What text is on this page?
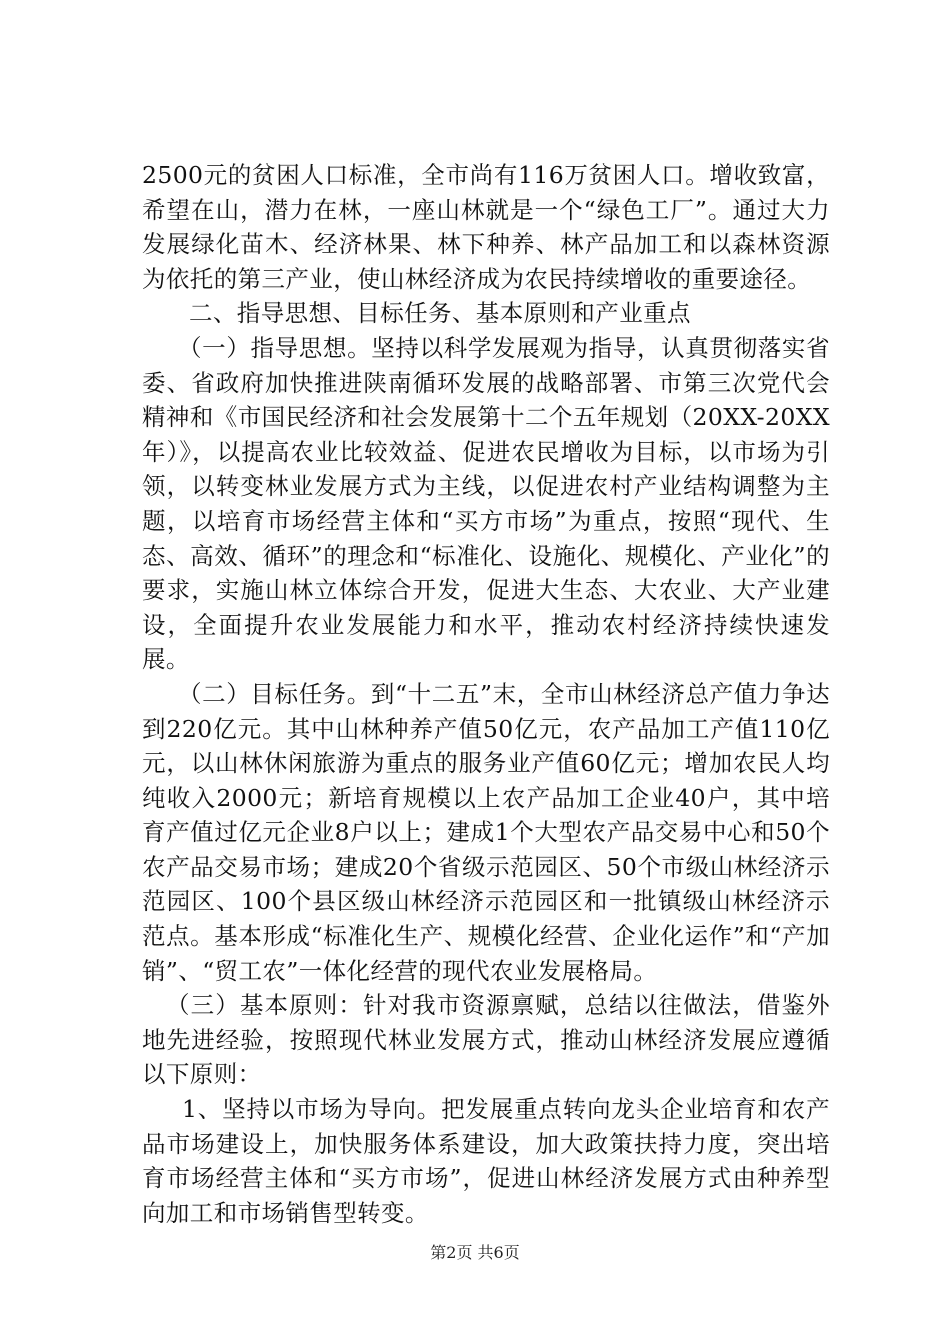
2500元的贫困人口标准，全市尚有116万贫困人口。增收致富，希望在山，潜力在林，一座山林就是一个“绿色工厂”。通过大力发展绿化苗木、经济林果、林下种养、林产品加工和以森林资源为依托的第三产业，使山林经济成为农民持续增收的重要途径。

二、指导思想、目标任务、基本原则和产业重点

（一）指导思想。坚持以科学发展观为指导，认真贯彻落实省委、省政府加快推进陕南循环发展的战略部署、市第三次党代会精神和《市国民经济和社会发展第十二个五年规划（20XX-20XX年）》，以提高农业比较效益、促进农民增收为目标，以市场为引领，以转变林业发展方式为主线，以促进农村产业结构调整为主题，以培育市场经营主体和“买方市场”为重点，按照“现代、生态、高效、循环”的理念和“标准化、设施化、规模化、产业化”的要求，实施山林立体综合开发，促进大生态、大农业、大产业建设，全面提升农业发展能力和水平，推动农村经济持续快速发展。

（二）目标任务。到“十二五”末，全市山林经济总产值力争达到220亿元。其中山林种养产值50亿元，农产品加工产值110亿元，以山林休闲旅游为重点的服务业产值60亿元；增加农民人均纯收入2000元；新培育规模以上农产品加工企业40户，其中培育产值过亿元企业8户以上；建成1个大型农产品交易中心和50个农产品交易市场；建成20个省级示范园区、50个市级山林经济示范园区、100个县区级山林经济示范园区和一批镇级山林经济示范点。基本形成“标准化生产、规模化经营、企业化运作”和“产加销”、“贸工农”一体化经营的现代农业发展格局。

（三）基本原则：针对我市资源禀赋，总结以往做法，借鉴外地先进经验，按照现代林业发展方式，推动山林经济发展应遵循以下原则：

1、坚持以市场为导向。把发展重点转向龙头企业培育和农产品市场建设上，加快服务体系建设，加大政策扶持力度，突出培育市场经营主体和“买方市场”，促进山林经济发展方式由种养型向加工和市场销售型转变。

第2页 共6页
